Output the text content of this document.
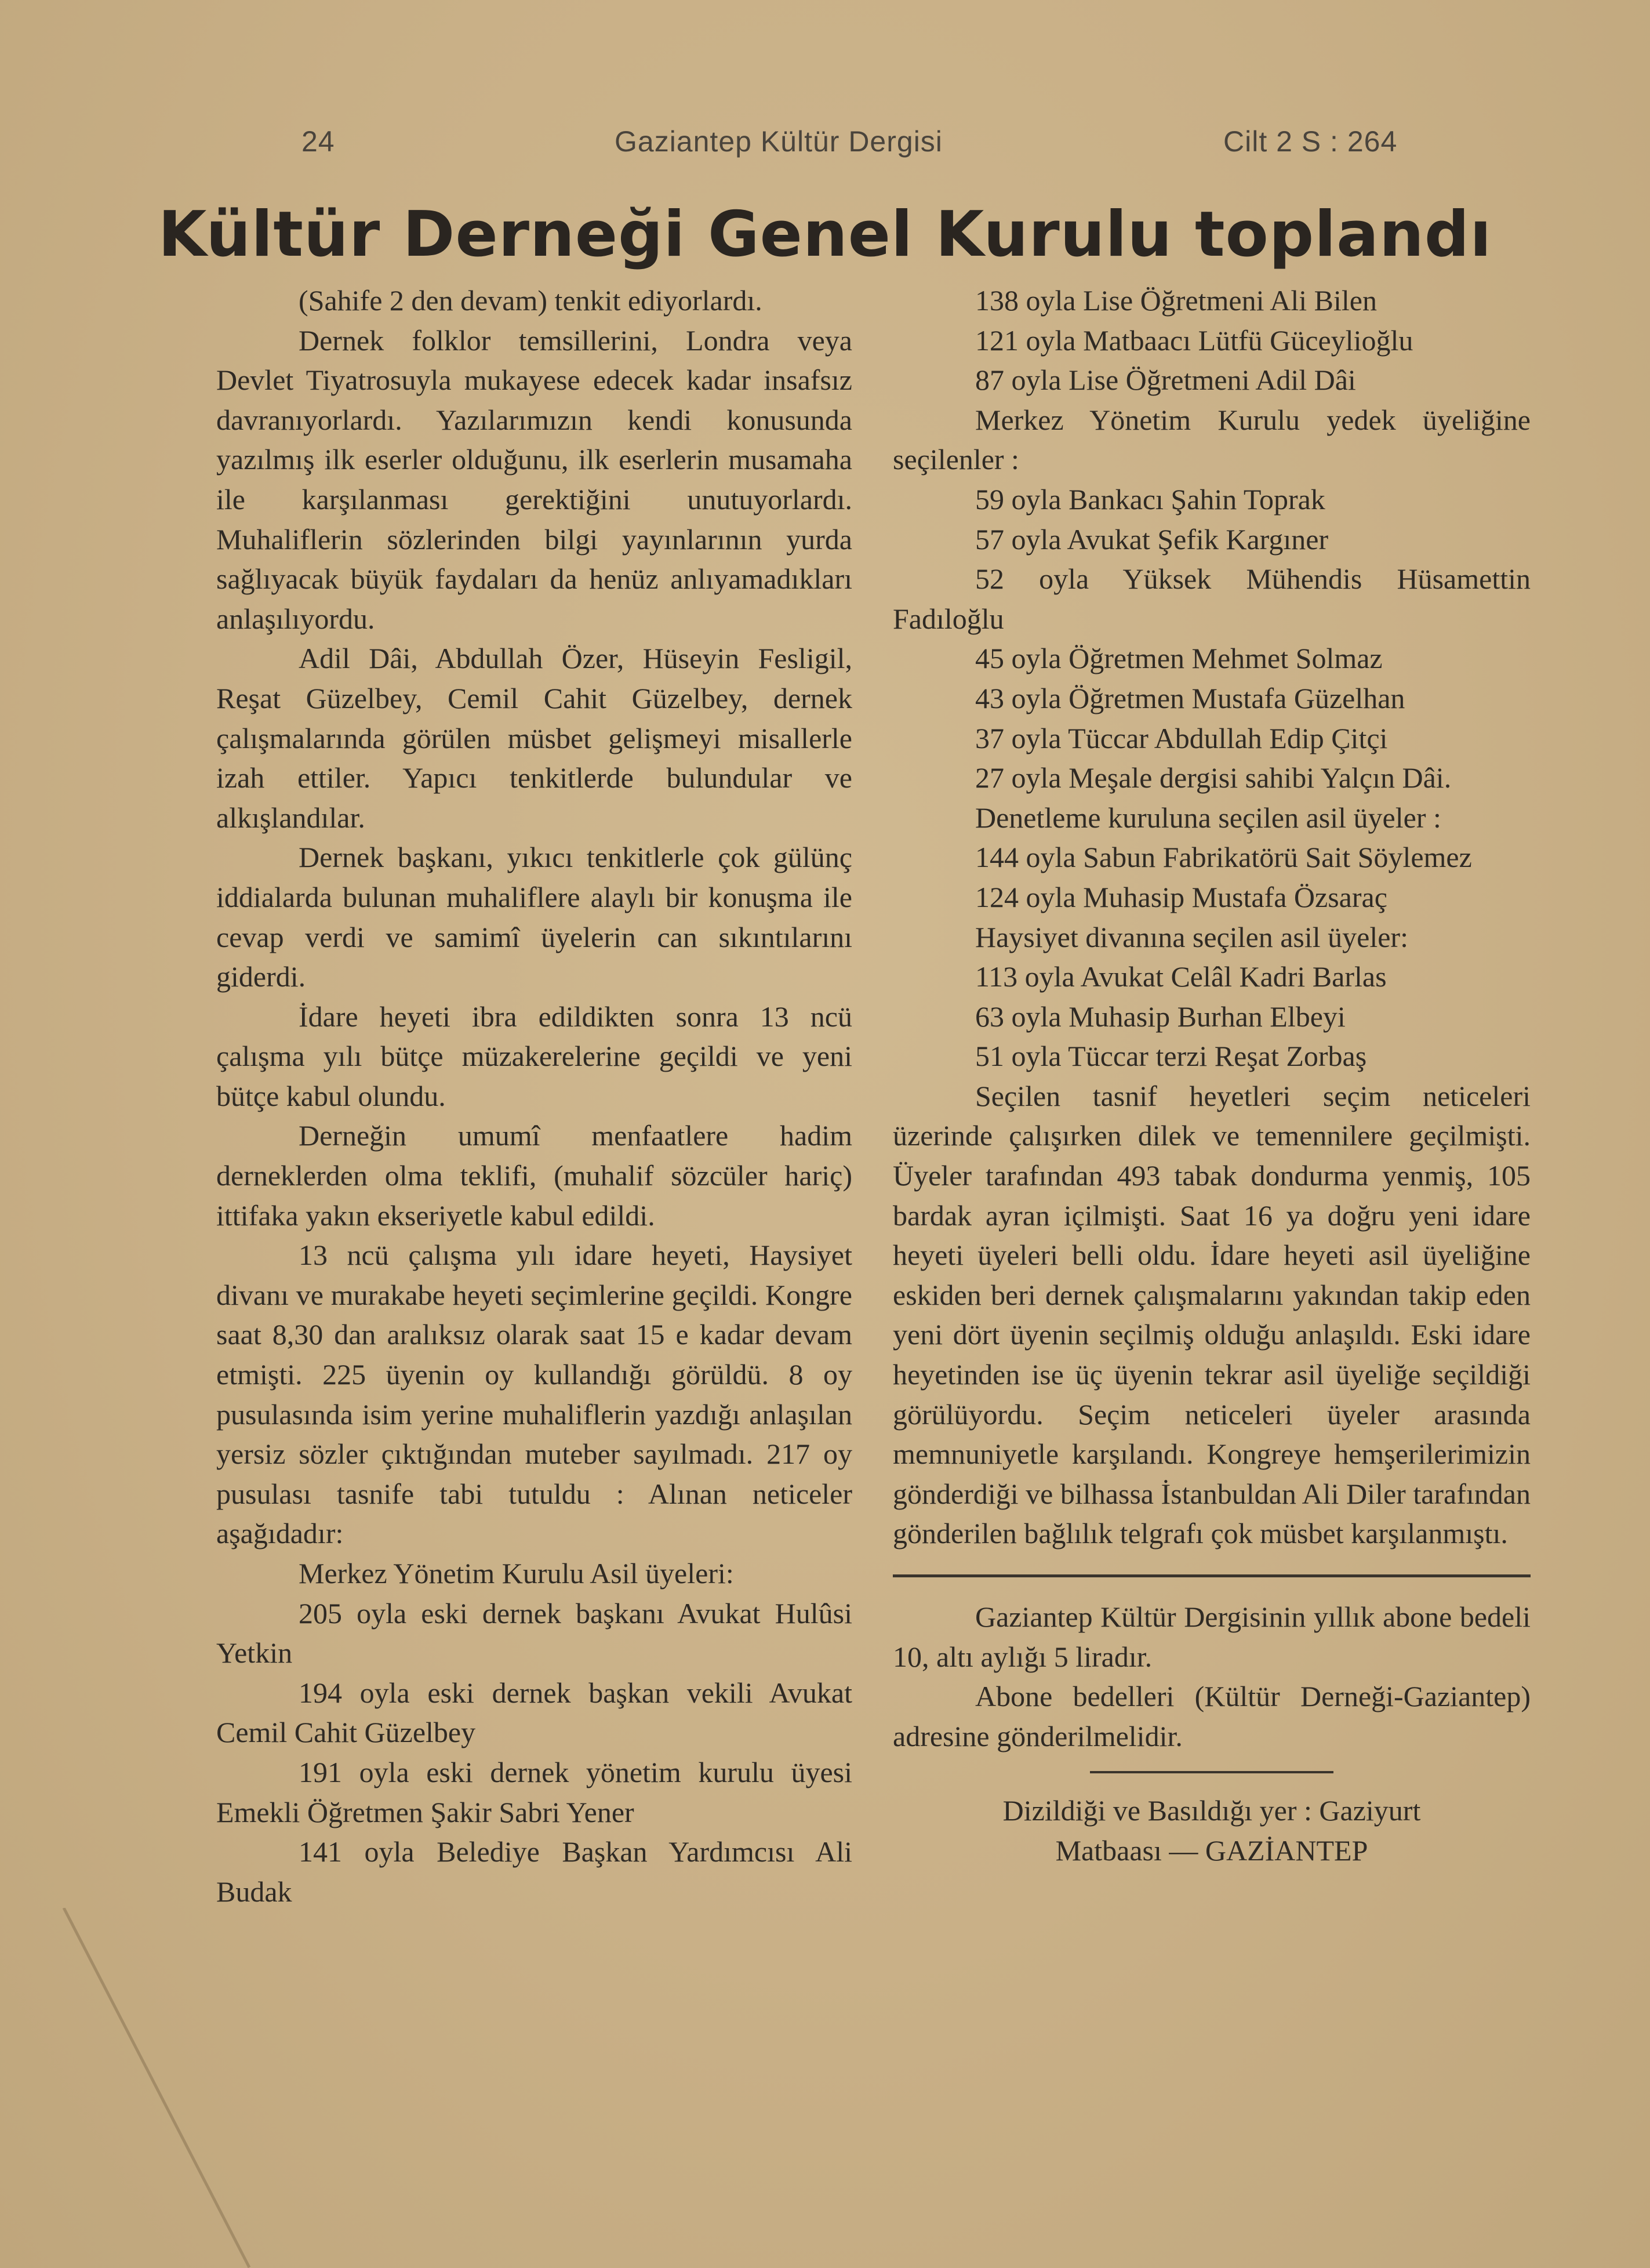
24	Gaziantep Kültür Dergisi	Cilt 2 S : 264
Kültür Derneği Genel Kurulu toplandı

(Sahife 2 den devam) tenkit ediyorlardı.

Dernek folklor temsillerini, Londra veya Devlet Tiyatrosuyla mukayese edecek kadar insafsız davranıyorlardı. Yazılarımızın kendi konusunda yazılmış ilk eserler olduğunu, ilk eserlerin musamaha ile karşılanması gerektiğini unutuyorlardı. Muhaliflerin sözlerinden bilgi yayınlarının yurda sağlıyacak büyük faydaları da henüz anlıyamadıkları anlaşılıyordu.

Adil Dâi, Abdullah Özer, Hüseyin Fesligil, Reşat Güzelbey, Cemil Cahit Güzelbey, dernek çalışmalarında görülen müsbet gelişmeyi misallerle izah ettiler. Yapıcı tenkitlerde bulundular ve alkışlandılar.

Dernek başkanı, yıkıcı tenkitlerle çok gülünç iddialarda bulunan muhaliflere alaylı bir konuşma ile cevap verdi ve samimî üyelerin can sıkıntılarını giderdi.

İdare heyeti ibra edildikten sonra 13 ncü çalışma yılı bütçe müzakerelerine geçildi ve yeni bütçe kabul olundu.

Derneğin umumî menfaatlere hadim derneklerden olma teklifi, (muhalif sözcüler hariç) ittifaka yakın ekseriyetle kabul edildi.

13 ncü çalışma yılı idare heyeti, Haysiyet divanı ve murakabe heyeti seçimlerine geçildi. Kongre saat 8,30 dan aralıksız olarak saat 15 e kadar devam etmişti. 225 üyenin oy kullandığı görüldü. 8 oy pusulasında isim yerine muhaliflerin yazdığı anlaşılan yersiz sözler çıktığından muteber sayılmadı. 217 oy pusulası tasnife tabi tutuldu : Alınan neticeler aşağıdadır:

Merkez Yönetim Kurulu Asil üyeleri:

205 oyla eski dernek başkanı Avukat Hulûsi Yetkin

194 oyla eski dernek başkan vekili Avukat Cemil Cahit Güzelbey

191 oyla eski dernek yönetim kurulu üyesi Emekli Öğretmen Şakir Sabri Yener

141 oyla Belediye Başkan Yardımcısı Ali Budak

138 oyla Lise Öğretmeni Ali Bilen

121 oyla Matbaacı Lütfü Güceylioğlu

87 oyla Lise Öğretmeni Adil Dâi

Merkez Yönetim Kurulu yedek üyeliğine seçilenler :

59 oyla Bankacı Şahin Toprak

57 oyla Avukat Şefik Kargıner

52 oyla Yüksek Mühendis Hüsamettin Fadıloğlu

45 oyla Öğretmen Mehmet Solmaz

43 oyla Öğretmen Mustafa Güzelhan

37 oyla Tüccar Abdullah Edip Çitçi

27 oyla Meşale dergisi sahibi Yalçın Dâi.

Denetleme kuruluna seçilen asil üyeler :

144 oyla Sabun Fabrikatörü Sait Söylemez

124 oyla Muhasip Mustafa Özsaraç

Haysiyet divanına seçilen asil üyeler:

113 oyla Avukat Celâl Kadri Barlas

63 oyla Muhasip Burhan Elbeyi

51 oyla Tüccar terzi Reşat Zorbaş

Seçilen tasnif heyetleri seçim neticeleri üzerinde çalışırken dilek ve temennilere geçilmişti. Üyeler tarafından 493 tabak dondurma yenmiş, 105 bardak ayran içilmişti. Saat 16 ya doğru yeni idare heyeti üyeleri belli oldu. İdare heyeti asil üyeliğine eskiden beri dernek çalışmalarını yakından takip eden yeni dört üyenin seçilmiş olduğu anlaşıldı. Eski idare heyetinden ise üç üyenin tekrar asil üyeliğe seçildiği görülüyordu. Seçim neticeleri üyeler arasında memnuniyetle karşılandı. Kongreye hemşerilerimizin gönderdiği ve bilhassa İstanbuldan Ali Diler tarafından gönderilen bağlılık telgrafı çok müsbet karşılanmıştı.

Gaziantep Kültür Dergisinin yıllık abone bedeli 10, altı aylığı 5 liradır.

Abone bedelleri (Kültür Derneği-Gaziantep) adresine gönderilmelidir.

Dizildiği ve Basıldığı yer : Gaziyurt

Matbaası — GAZİANTEP
